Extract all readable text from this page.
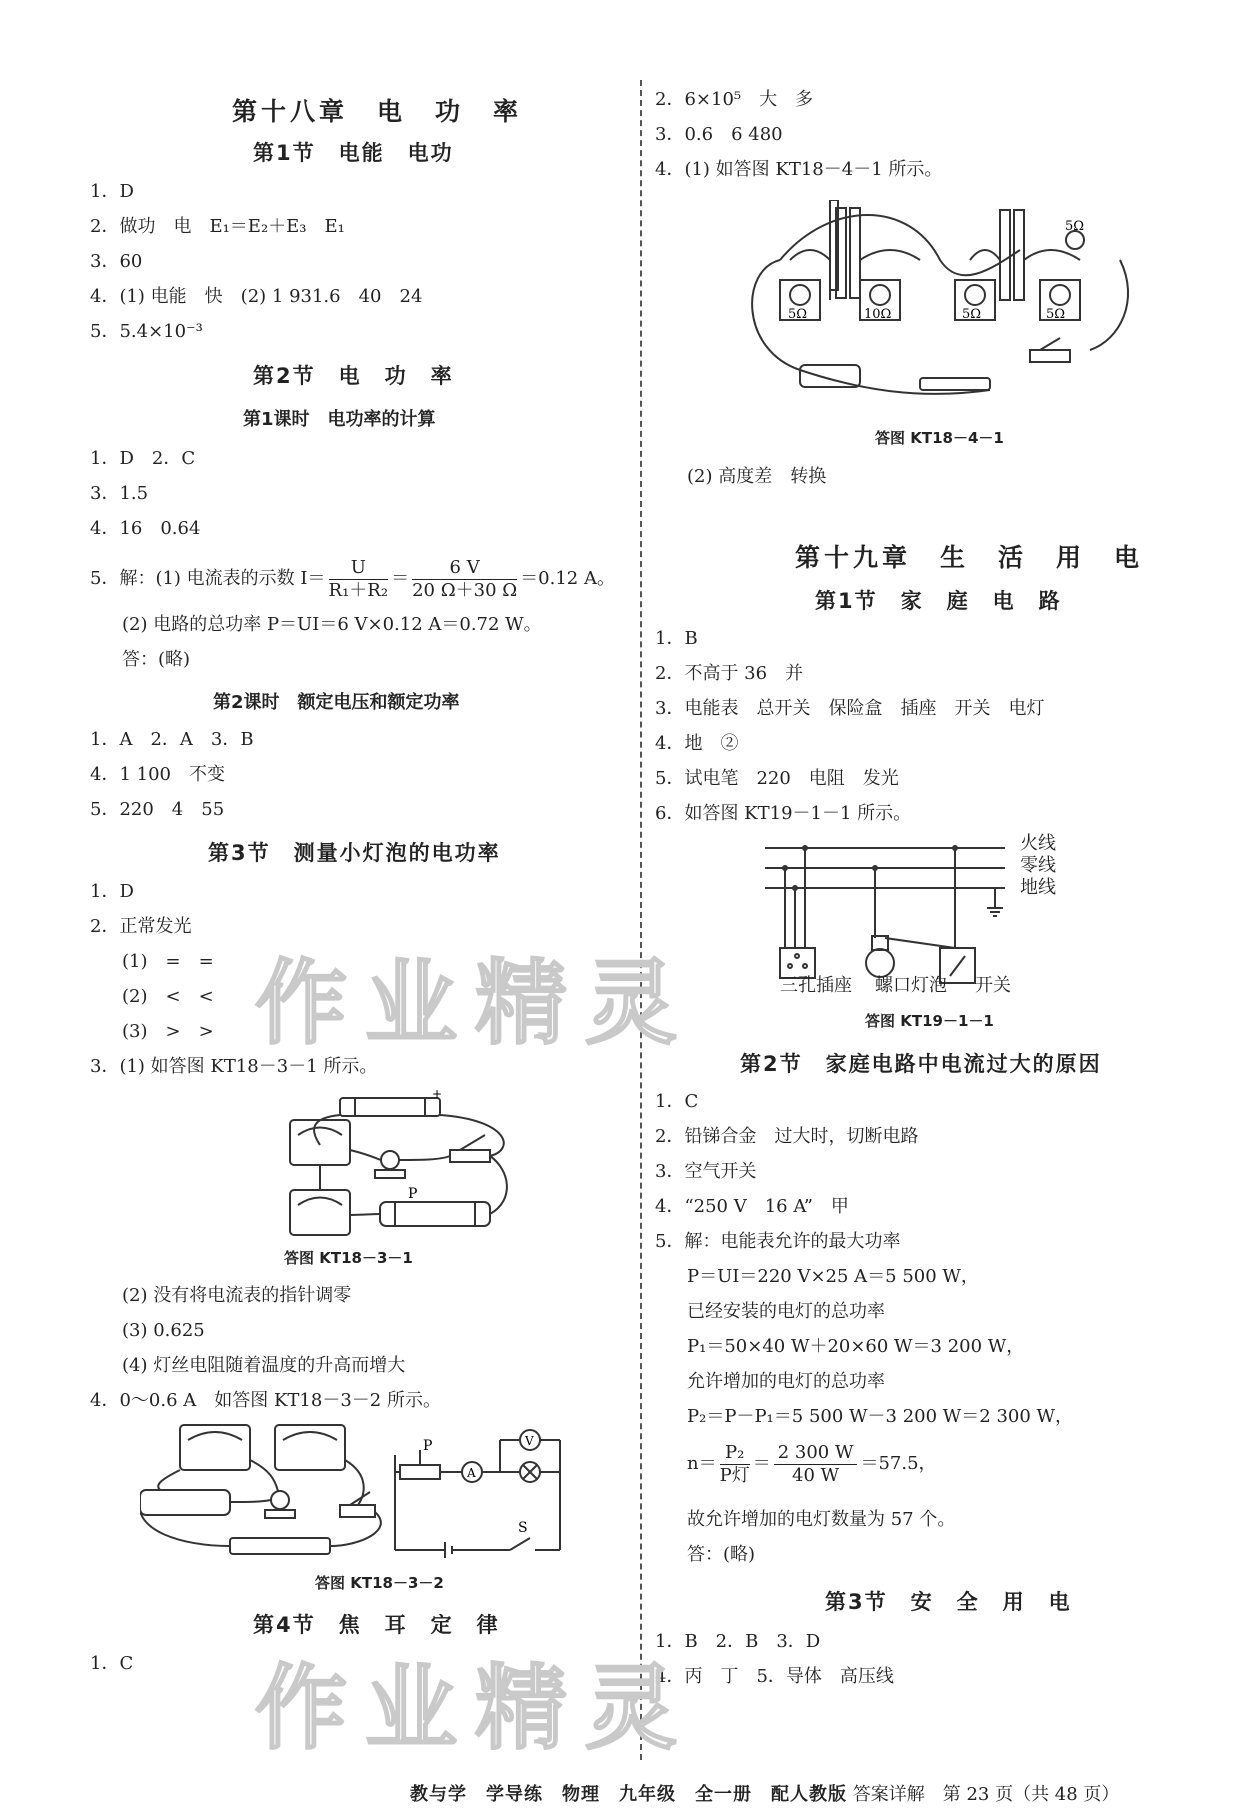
第十八章　电　功　率
第1节　电能　电功
1．D
2．做功　电　E₁＝E₂＋E₃　E₁
3．60
4．(1) 电能　快　(2) 1 931.6　40　24
5．5.4×10⁻³
第2节　电　功　率
第1课时　电功率的计算
1．D　2．C
3．1.5
4．16　0.64
5．解：(1) 电流表的示数 $I= \frac{U}{\text{R₁＋R₂}} = \frac{6 V}{20 \Omega+30 \Omega} =0.12$ A。
(2) 电路的总功率 P＝UI＝6 V×0.12 A＝0.72 W。
答：(略)
第2课时　额定电压和额定功率
1．A　2．A　3．B
4．1 100　不变
5．220　4　55
第3节　测量小灯泡的电功率
1．D
2．正常发光
(1)　=　=
(2)　<　<
(3)　>　>
3．(1) 如答图 KT18－3－1 所示。
P
+
答图 KT18－3－1
(2) 没有将电流表的指针调零
(3) 0.625
(4) 灯丝电阻随着温度的升高而增大
4．0～0.6 A　如答图 KT18－3－2 所示。
P
A
V
S
答图 KT18－3－2
第4节　焦　耳　定　律
1．C
2．6×10⁵　大　多
3．0.6　6 480
4．(1) 如答图 KT18－4－1 所示。
5Ω	10Ω	5Ω	5Ω
5Ω
答图 KT18－4－1
(2) 高度差　转换
第十九章　生　活　用　电
第1节　家　庭　电　路
1．B
2．不高于 36　并
3．电能表　总开关　保险盒　插座　开关　电灯
4．地　②
5．试电笔　220　电阻　发光
6．如答图 KT19－1－1 所示。
火线
零线
地线
三孔插座 螺口灯泡 开关
答图 KT19－1－1
第2节　家庭电路中电流过大的原因
1．C
2．铅锑合金　过大时，切断电路
3．空气开关
4．“250 V　16 A”　甲
5．解：电能表允许的最大功率
P＝UI＝220 V×25 A＝5 500 W，
已经安装的电灯的总功率
P₁＝50×40 W＋20×60 W＝3 200 W，
允许增加的电灯的总功率
P₂＝P－P₁＝5 500 W－3 200 W＝2 300 W，
$n= \frac{\text{P₂}}{\text{P灯}} = \frac{2 300 W}{40 W} =57.5$，
故允许增加的电灯数量为 57 个。
答：(略)
第3节　安　全　用　电
1．B　2．B　3．D
4．丙　丁　5．导体　高压线
作业精灵
作业精灵
教与学　学导练　物理　九年级　全一册　配人教版 答案详解　第 23 页（共 48 页）
